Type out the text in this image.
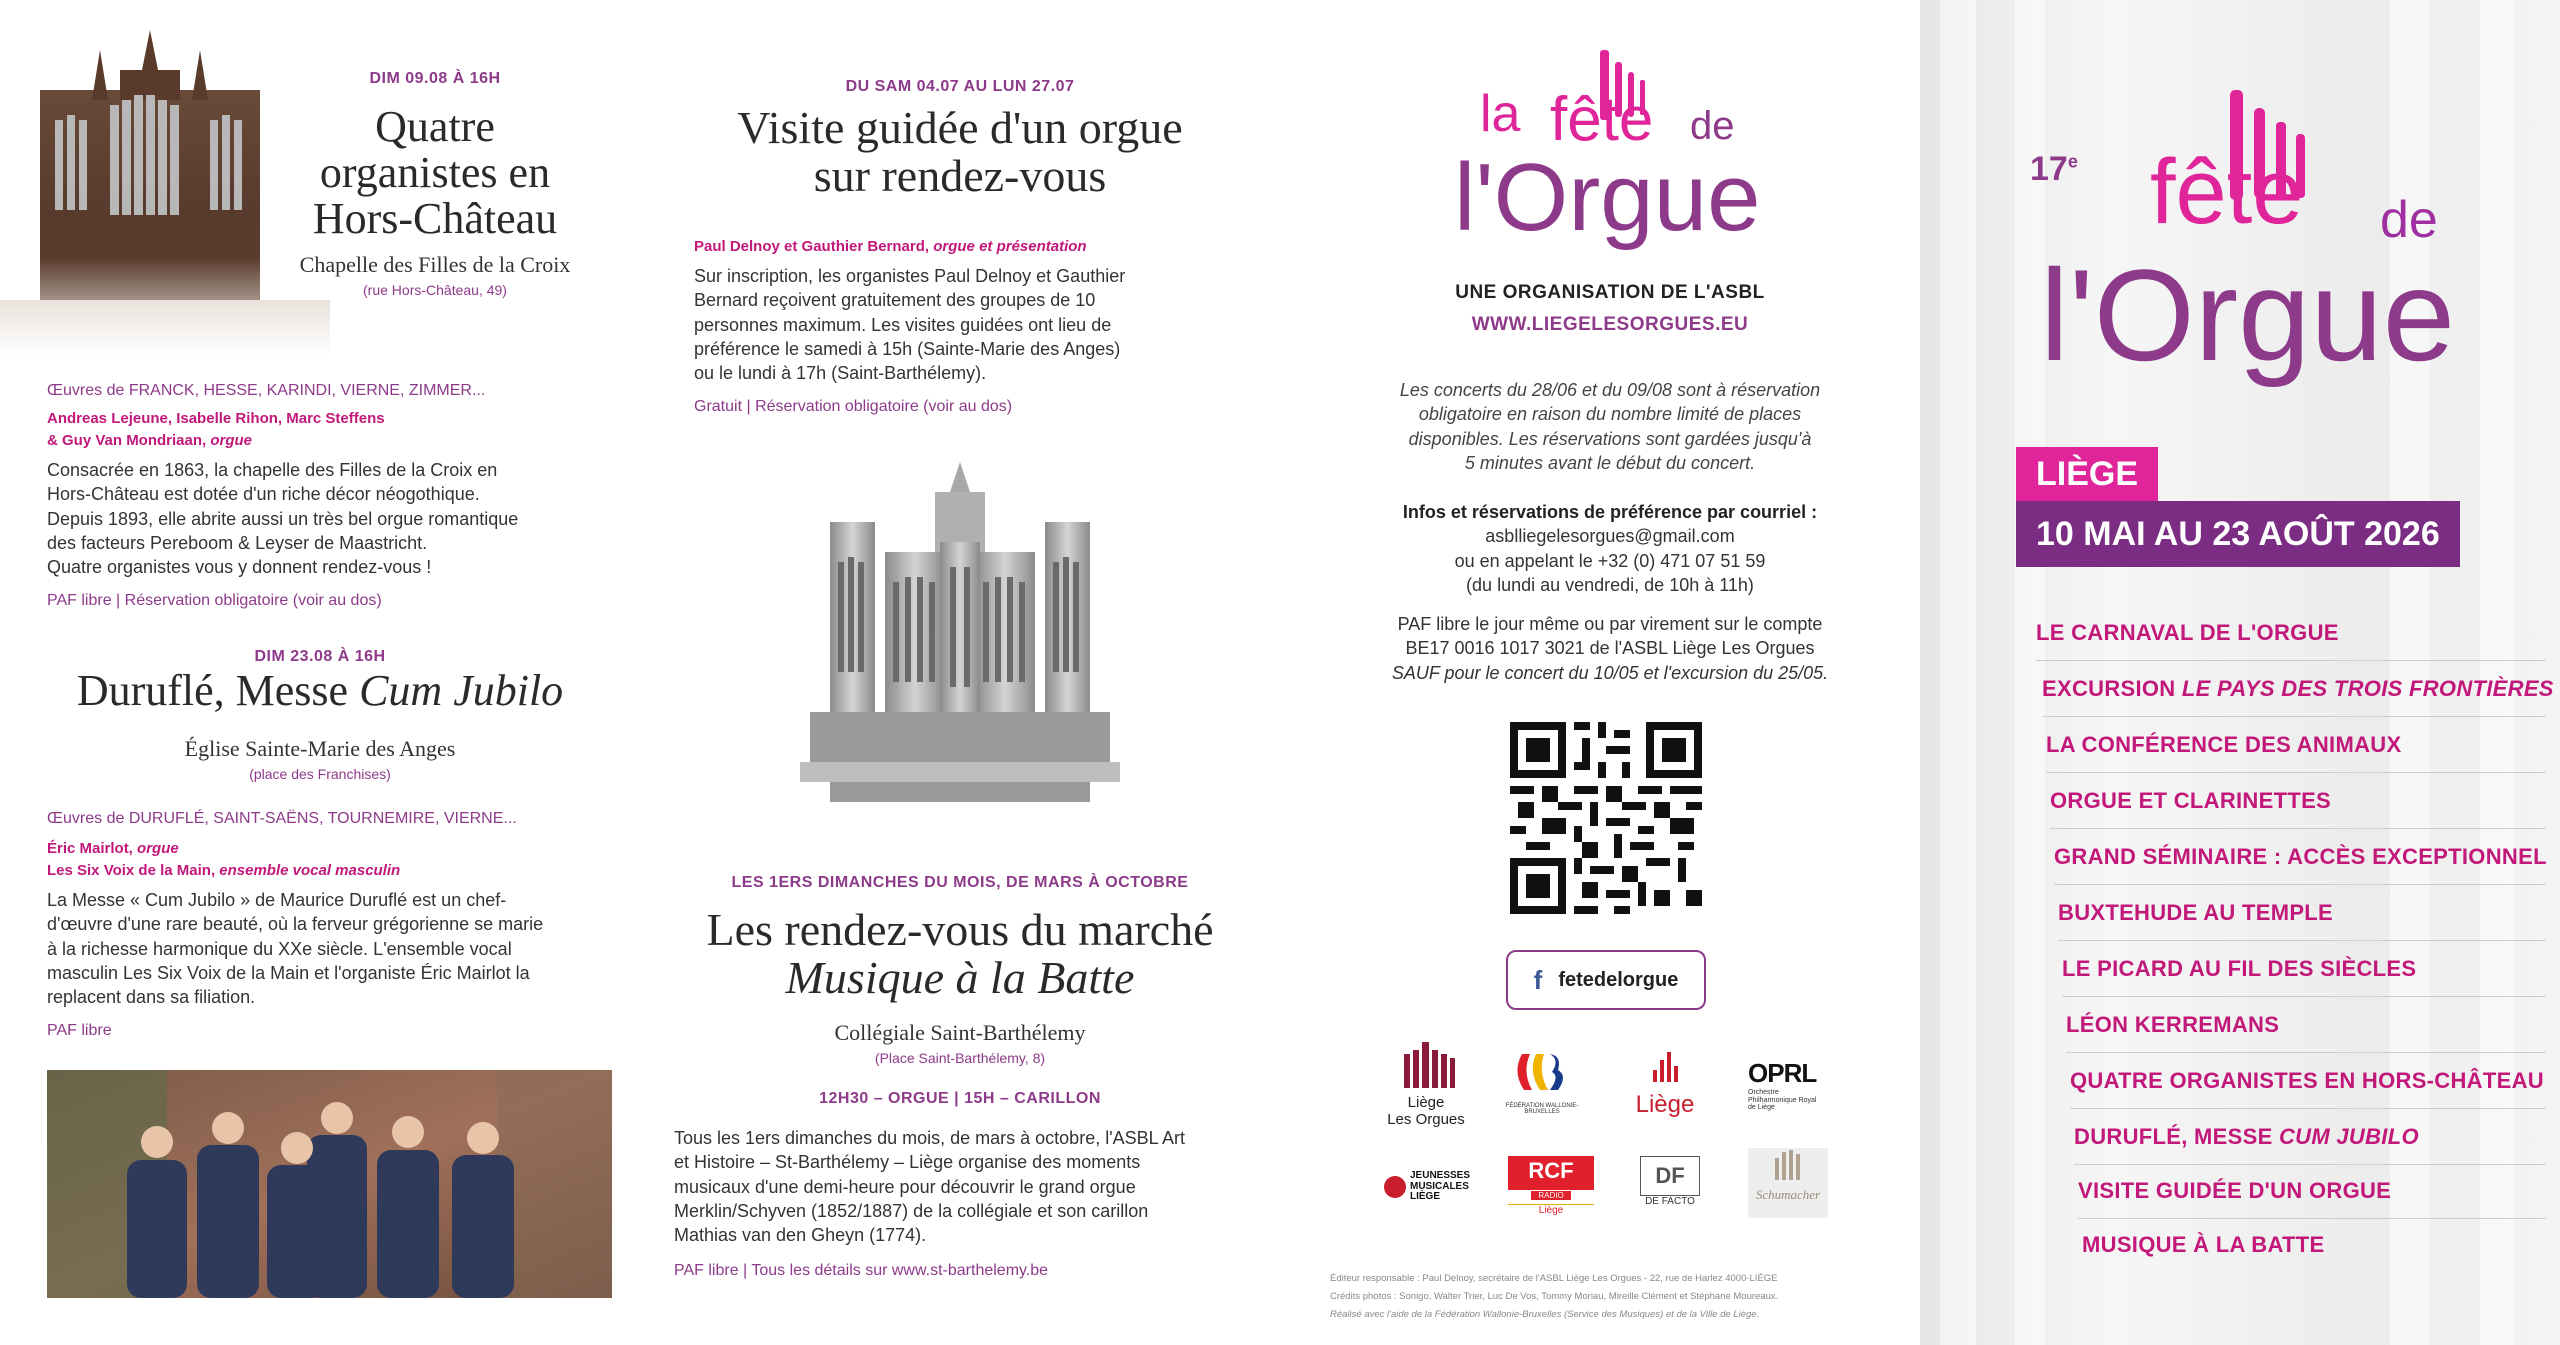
DIM 09.08 À 16H
Quatre
organistes en
Hors-Château
Chapelle des Filles de la Croix
(rue Hors-Château, 49)
Œuvres de FRANCK, HESSE, KARINDI, VIERNE, ZIMMER...
Andreas Lejeune, Isabelle Rihon, Marc Steffens
& Guy Van Mondriaan, orgue
Consacrée en 1863, la chapelle des Filles de la Croix en
Hors-Château est dotée d'un riche décor néogothique.
Depuis 1893, elle abrite aussi un très bel orgue romantique
des facteurs Pereboom & Leyser de Maastricht.
Quatre organistes vous y donnent rendez-vous !
PAF libre | Réservation obligatoire (voir au dos)
DIM 23.08 À 16H
Duruflé, Messe Cum Jubilo
Église Sainte-Marie des Anges
(place des Franchises)
Œuvres de DURUFLÉ, SAINT-SAËNS, TOURNEMIRE, VIERNE...
Éric Mairlot, orgue
Les Six Voix de la Main, ensemble vocal masculin
La Messe « Cum Jubilo » de Maurice Duruflé est un chef-
d'œuvre d'une rare beauté, où la ferveur grégorienne se marie
à la richesse harmonique du XXe siècle. L'ensemble vocal
masculin Les Six Voix de la Main et l'organiste Éric Mairlot la
replacent dans sa filiation.
PAF libre
DU SAM 04.07 AU LUN 27.07
Visite guidée d'un orgue
sur rendez-vous
Paul Delnoy et Gauthier Bernard, orgue et présentation
Sur inscription, les organistes Paul Delnoy et Gauthier
Bernard reçoivent gratuitement des groupes de 10
personnes maximum. Les visites guidées ont lieu de
préférence le samedi à 15h (Sainte-Marie des Anges)
ou le lundi à 17h (Saint-Barthélemy).
Gratuit | Réservation obligatoire (voir au dos)
LES 1ERS DIMANCHES DU MOIS, DE MARS À OCTOBRE
Les rendez-vous du marché
Musique à la Batte
Collégiale Saint-Barthélemy
(Place Saint-Barthélemy, 8)
12H30 – ORGUE | 15H – CARILLON
Tous les 1ers dimanches du mois, de mars à octobre, l'ASBL Art
et Histoire – St-Barthélemy – Liège organise des moments
musicaux d'une demi-heure pour découvrir le grand orgue
Merklin/Schyven (1852/1887) de la collégiale et son carillon
Mathias van den Gheyn (1774).
PAF libre | Tous les détails sur www.st-barthelemy.be
la fête de
l'Orgue
UNE ORGANISATION DE L'ASBL
WWW.LIEGELESORGUES.EU
Les concerts du 28/06 et du 09/08 sont à réservation
obligatoire en raison du nombre limité de places
disponibles. Les réservations sont gardées jusqu'à
5 minutes avant le début du concert.
Infos et réservations de préférence par courriel :
asblliegelesorgues@gmail.com
ou en appelant le +32 (0) 471 07 51 59
(du lundi au vendredi, de 10h à 11h)
PAF libre le jour même ou par virement sur le compte
BE17 0016 1017 3021 de l'ASBL Liège Les Orgues
SAUF pour le concert du 10/05 et l'excursion du 25/05.
f fetedelorgue
Liège
Les Orgues
FÉDÉRATION WALLONIE-BRUXELLES	Liège
OPRL
Orchestre Philharmonique Royal de Liège
JEUNESSES MUSICALES LIÈGE
RCF
RADIO
Liège
DF
DE FACTO	Schumacher
Éditeur responsable : Paul Delnoy, secrétaire de l'ASBL Liège Les Orgues - 22, rue de Harlez 4000-LIÈGE
Crédits photos : Sonigo, Walter Trier, Luc De Vos, Tommy Moriau, Mireille Clément et Stéphane Moureaux.
Réalisé avec l'aide de la Fédération Wallonie-Bruxelles (Service des Musiques) et de la Ville de Liège.
17e fête de
l'Orgue
LIÈGE
10 MAI AU 23 AOÛT 2026
LE CARNAVAL DE L'ORGUE
EXCURSION LE PAYS DES TROIS FRONTIÈRES
LA CONFÉRENCE DES ANIMAUX
ORGUE ET CLARINETTES
GRAND SÉMINAIRE : ACCÈS EXCEPTIONNEL
BUXTEHUDE AU TEMPLE
LE PICARD AU FIL DES SIÈCLES
LÉON KERREMANS
QUATRE ORGANISTES EN HORS-CHÂTEAU
DURUFLÉ, MESSE CUM JUBILO
VISITE GUIDÉE D'UN ORGUE
MUSIQUE À LA BATTE
